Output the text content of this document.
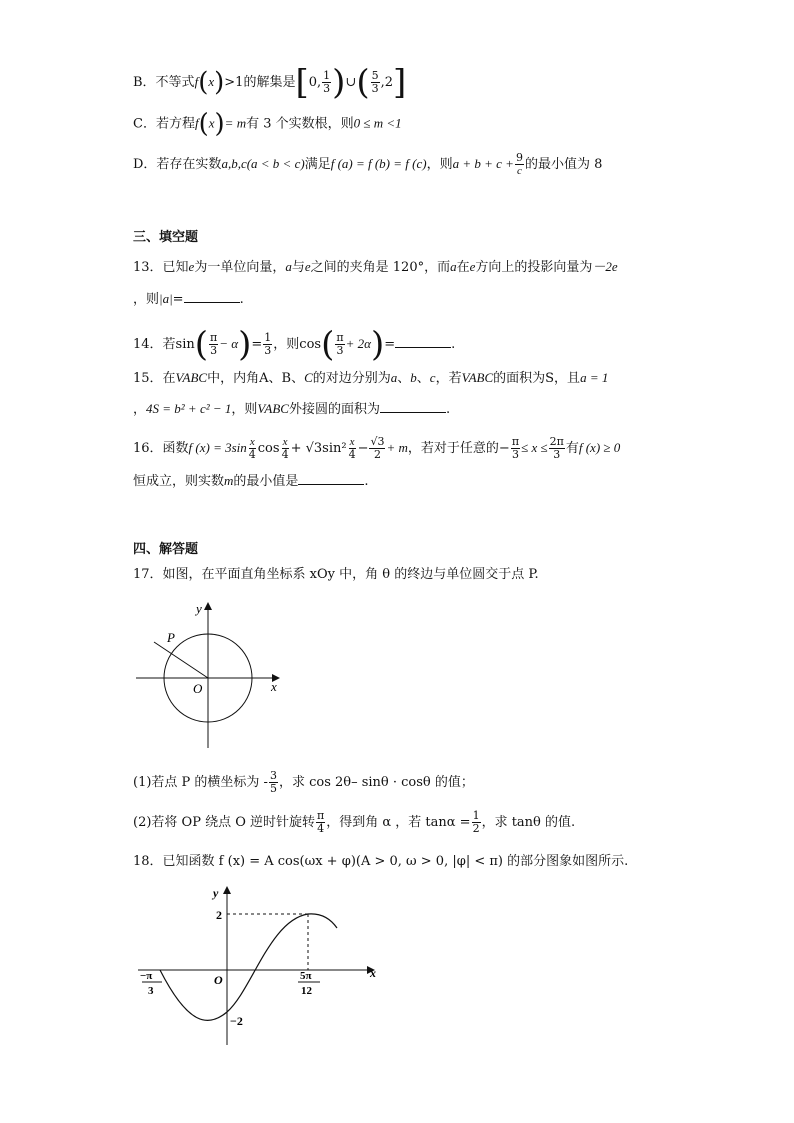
B．不等式f(x)>1的解集是[0, $\frac{1}{3}$ )∪( $\frac{5}{3} ,2$]
C．若方程f(x)= m有 3 个实数根，则0 ≤ m <1
D．若存在实数a,b,c(a < b < c)满足f (a) = f (b) = f (c)，则$a + b + c + \frac{9}{c}$ 的最小值为 8
三、填空题
13．已知e为一单位向量，a与e之间的夹角是 120°，而a在e方向上的投影向量为－2e
，则|a|=	.
14．若$\sin( \frac{\pi}{3} - \alpha)= \frac{1}{3}$ ，则$\cos( \frac{\pi}{3} + 2\alpha)=$	.
15．在VABC中，内角A、B、C的对边分别为a、b、c，若VABC的面积为S，且a = 1
，4S = b² + c² − 1，则VABC外接圆的面积为	.
16．函数f $(x) = 3\sin \frac{x}{4}$ $\cos \frac{x}{4} + √3\sin^2 \frac{x}{4} - \frac{√3}{2} + m$，若对于任意的− $\frac{\pi}{3} \le x \le \frac{2\pi}{3}$ 有f (x) ≥ 0
恒成立，则实数m的最小值是	.
四、解答题
17．如图，在平面直角坐标系 xOy 中，角 θ 的终边与单位圆交于点 P.
y
x
O
P
(1)若点 P 的横坐标为 - $\frac{3}{5}$ ，求 cos 2θ– sinθ · cosθ 的值；
(2)若将 OP 绕点 O 逆时针旋转 $\frac{\pi}{4}$ ，得到角 α ，若 $\tan\alpha = \frac{1}{2}$ ，求 tanθ 的值.
18．已知函数 f (x) = A cos(ωx + φ)(A > 0, ω > 0, |φ| < π) 的部分图象如图所示.
y
x
O
2
−2
−π
3
5π
12
